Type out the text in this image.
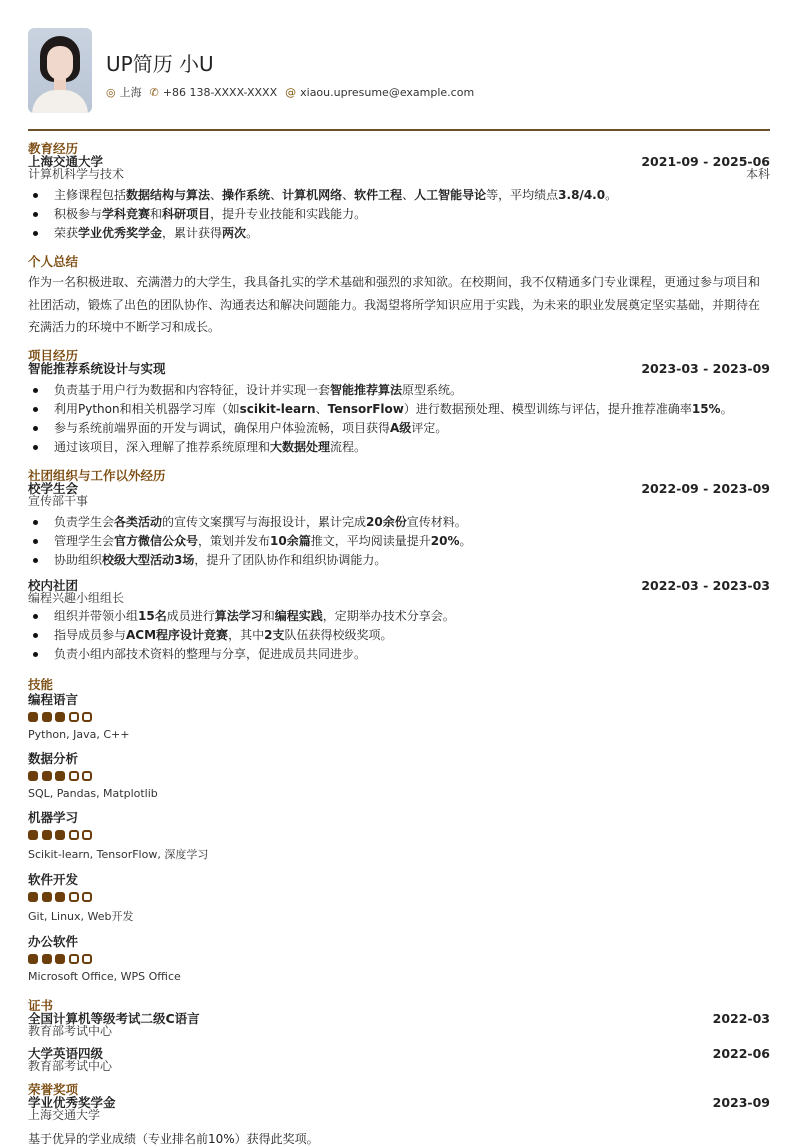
UP简历 小U
◎ 上海 ✆ +86 138-XXXX-XXXX @ xiaou.upresume@example.com
教育经历
上海交通大学	2021-09 - 2025-06
计算机科学与技术	本科
主修课程包括数据结构与算法、操作系统、计算机网络、软件工程、人工智能导论等，平均绩点3.8/4.0。
积极参与学科竞赛和科研项目，提升专业技能和实践能力。
荣获学业优秀奖学金，累计获得两次。
个人总结
作为一名积极进取、充满潜力的大学生，我具备扎实的学术基础和强烈的求知欲。在校期间，我不仅精通多门专业课程，更通过参与项目和社团活动，锻炼了出色的团队协作、沟通表达和解决问题能力。我渴望将所学知识应用于实践，为未来的职业发展奠定坚实基础，并期待在充满活力的环境中不断学习和成长。
项目经历
智能推荐系统设计与实现	2023-03 - 2023-09
负责基于用户行为数据和内容特征，设计并实现一套智能推荐算法原型系统。
利用Python和相关机器学习库（如scikit-learn、TensorFlow）进行数据预处理、模型训练与评估，提升推荐准确率15%。
参与系统前端界面的开发与调试，确保用户体验流畅，项目获得A级评定。
通过该项目，深入理解了推荐系统原理和大数据处理流程。
社团组织与工作以外经历
校学生会	2022-09 - 2023-09
宣传部干事
负责学生会各类活动的宣传文案撰写与海报设计，累计完成20余份宣传材料。
管理学生会官方微信公众号，策划并发布10余篇推文，平均阅读量提升20%。
协助组织校级大型活动3场，提升了团队协作和组织协调能力。
校内社团	2022-03 - 2023-03
编程兴趣小组组长
组织并带领小组15名成员进行算法学习和编程实践，定期举办技术分享会。
指导成员参与ACM程序设计竞赛，其中2支队伍获得校级奖项。
负责小组内部技术资料的整理与分享，促进成员共同进步。
技能
编程语言
Python, Java, C++
数据分析
SQL, Pandas, Matplotlib
机器学习
Scikit-learn, TensorFlow, 深度学习
软件开发
Git, Linux, Web开发
办公软件
Microsoft Office, WPS Office
证书
全国计算机等级考试二级C语言	2022-03
教育部考试中心
大学英语四级	2022-06
教育部考试中心
荣誉奖项
学业优秀奖学金	2023-09
上海交通大学
基于优异的学业成绩（专业排名前10%）获得此奖项。
